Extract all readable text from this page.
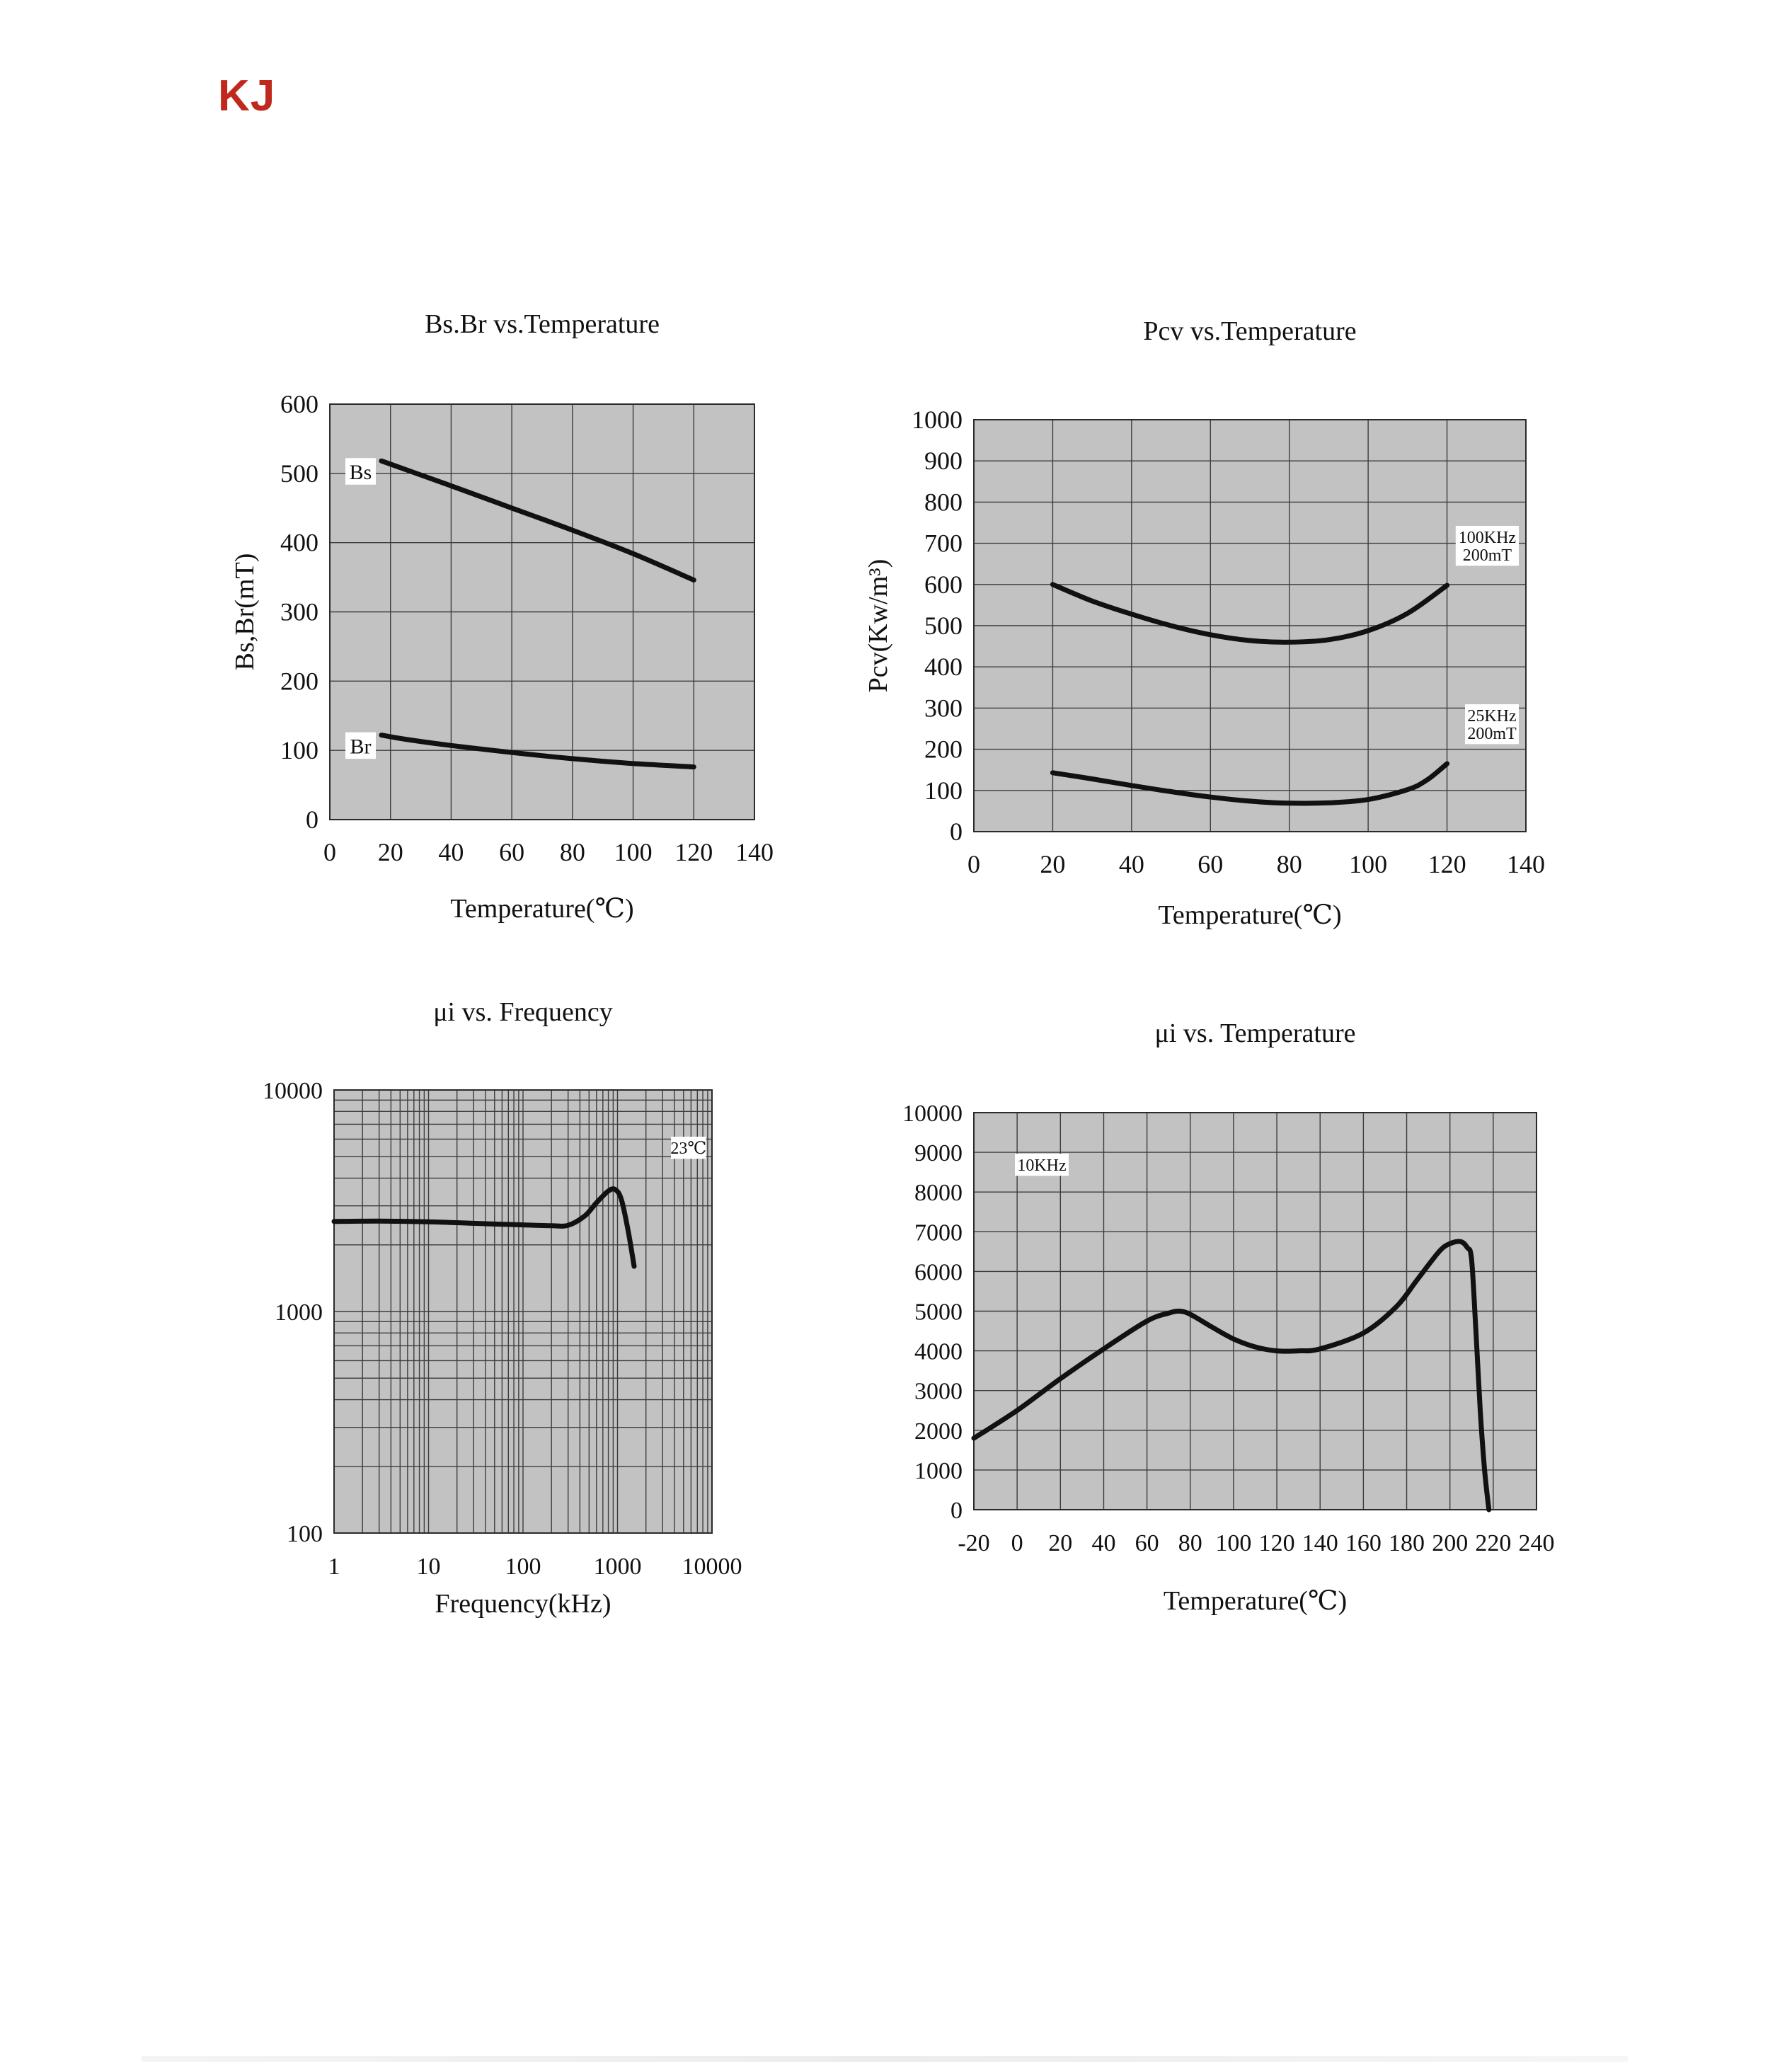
KJ
Bs.Br vs.Temperature
0 20 40 60 80 100 120 140
0
100
200
300
400
500
600
Temperature(℃)
Bs,Br(mT)
Bs
Br
Pcv vs.Temperature
0 20 40 60 80 100 120 140
0
100
200
300
400
500
600
700
800
900
1000
Temperature(℃)
Pcv(Kw/m³)
100KHz
200mT
25KHz
200mT
μi vs. Frequency
1	10	100 1000 10000
100
1000
10000
Frequency(kHz)
23℃
μi vs. Temperature
-20 0 20 40 60 80 100 120 140 160 180 200 220 240
0
1000
2000
3000
4000
5000
6000
7000
8000
9000
10000
Temperature(℃)
10KHz
